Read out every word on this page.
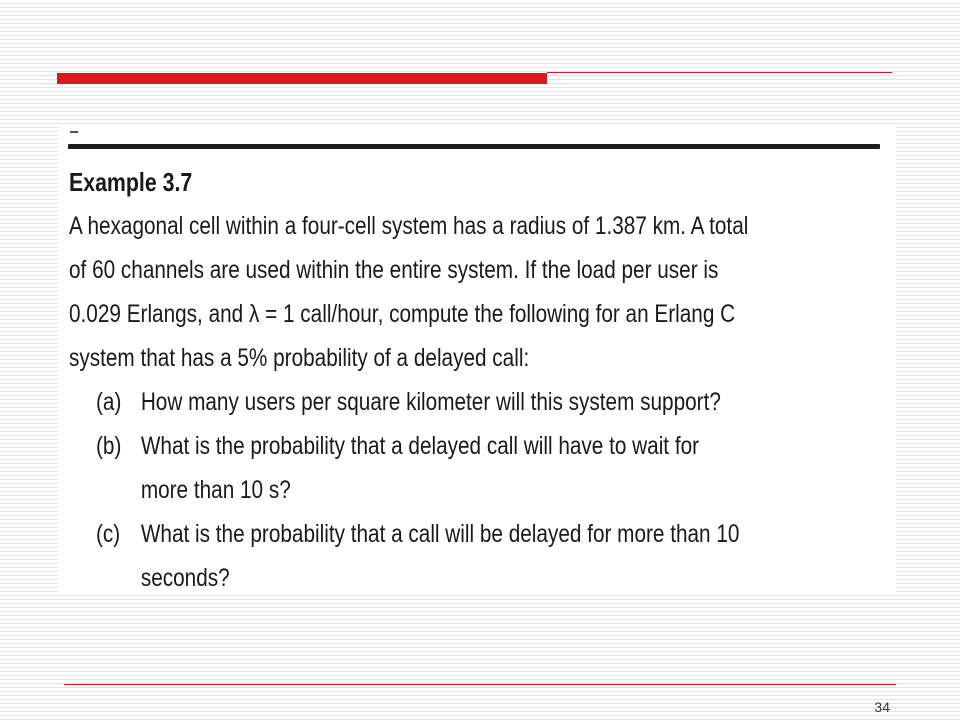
Example 3.7
A hexagonal cell within a four-cell system has a radius of 1.387 km. A total
of 60 channels are used within the entire system. If the load per user is
0.029 Erlangs, and λ = 1 call/hour, compute the following for an Erlang C
system that has a 5% probability of a delayed call:
(a) How many users per square kilometer will this system support?
(b) What is the probability that a delayed call will have to wait for
more than 10 s?
(c) What is the probability that a call will be delayed for more than 10
seconds?
34
